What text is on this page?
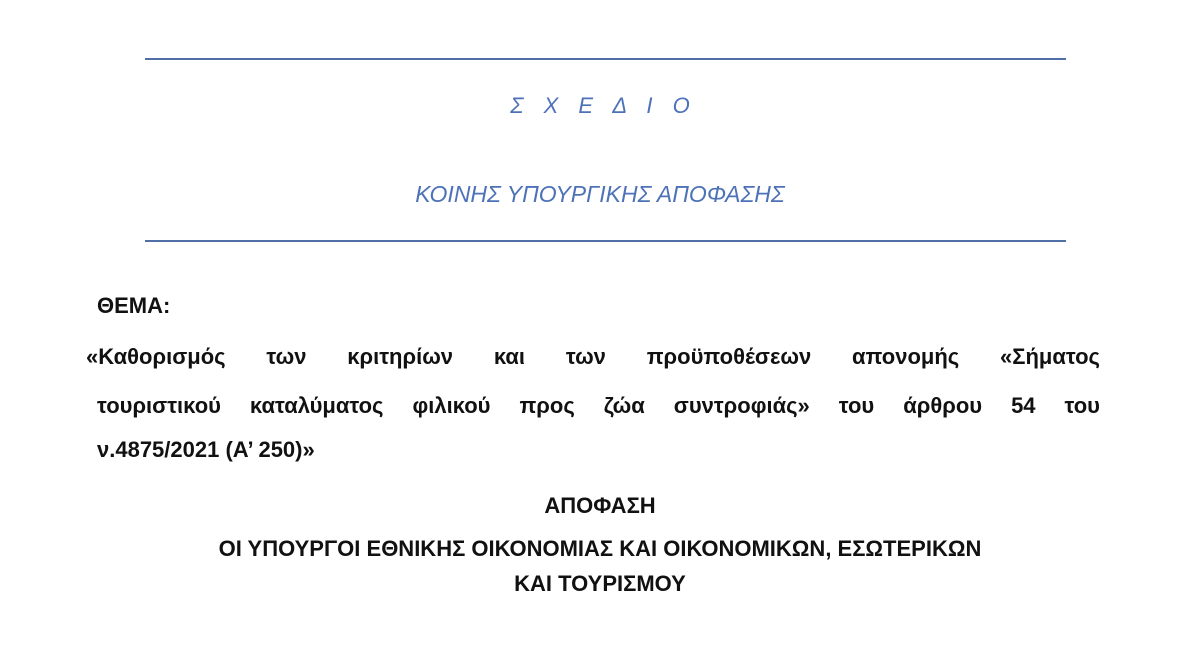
Σ Χ Ε Δ Ι Ο
ΚΟΙΝΗΣ ΥΠΟΥΡΓΙΚΗΣ ΑΠΟΦΑΣΗΣ
ΘΕΜΑ:
«Καθορισμός των κριτηρίων και των προϋποθέσεων απονομής «Σήματος
τουριστικού καταλύματος φιλικού προς ζώα συντροφιάς» του άρθρου 54 του
ν.4875/2021 (Α’ 250)»
ΑΠΟΦΑΣΗ
ΟΙ ΥΠΟΥΡΓΟΙ ΕΘΝΙΚΗΣ ΟΙΚΟΝΟΜΙΑΣ ΚΑΙ ΟΙΚΟΝΟΜΙΚΩΝ, ΕΣΩΤΕΡΙΚΩΝ
ΚΑΙ ΤΟΥΡΙΣΜΟΥ
